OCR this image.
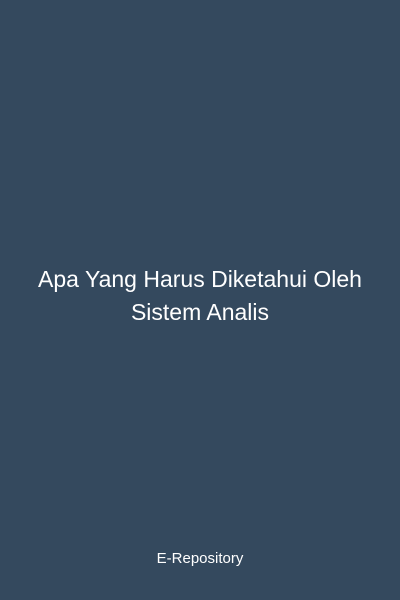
Apa Yang Harus Diketahui Oleh Sistem Analis
E-Repository
